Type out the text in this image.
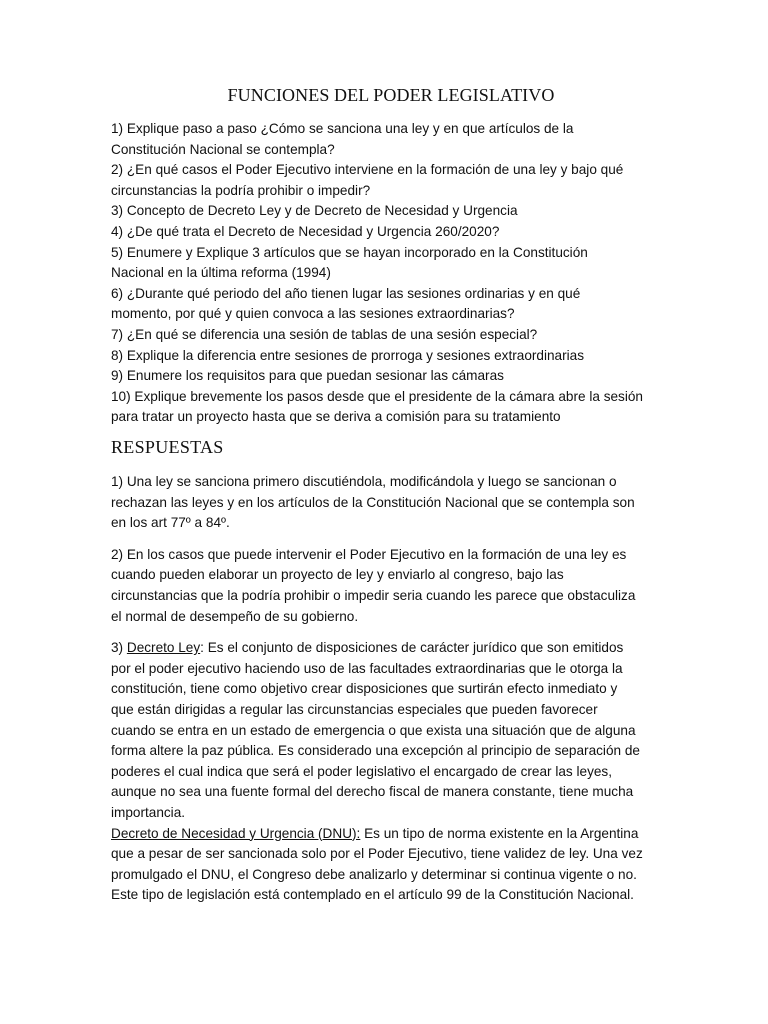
FUNCIONES DEL PODER LEGISLATIVO
1) Explique paso a paso ¿Cómo se sanciona una ley y en que artículos de la
Constitución Nacional se contempla?
2) ¿En qué casos el Poder Ejecutivo interviene en la formación de una ley y bajo qué
circunstancias la podría prohibir o impedir?
3) Concepto de Decreto Ley y de Decreto de Necesidad y Urgencia
4) ¿De qué trata el Decreto de Necesidad y Urgencia 260/2020?
5) Enumere y Explique 3 artículos que se hayan incorporado en la Constitución
Nacional en la última reforma (1994)
6) ¿Durante qué periodo del año tienen lugar las sesiones ordinarias y en qué
momento, por qué y quien convoca a las sesiones extraordinarias?
7) ¿En qué se diferencia una sesión de tablas de una sesión especial?
8) Explique la diferencia entre sesiones de prorroga y sesiones extraordinarias
9) Enumere los requisitos para que puedan sesionar las cámaras
10) Explique brevemente los pasos desde que el presidente de la cámara abre la sesión
para tratar un proyecto hasta que se deriva a comisión para su tratamiento
RESPUESTAS
1) Una ley se sanciona primero discutiéndola, modificándola y luego se sancionan o
rechazan las leyes y en los artículos de la Constitución Nacional que se contempla son
en los art 77º a 84º.
2) En los casos que puede intervenir el Poder Ejecutivo en la formación de una ley es
cuando pueden elaborar un proyecto de ley y enviarlo al congreso, bajo las
circunstancias que la podría prohibir o impedir seria cuando les parece que obstaculiza
el normal de desempeño de su gobierno.
3) Decreto Ley: Es el conjunto de disposiciones de carácter jurídico que son emitidos
por el poder ejecutivo haciendo uso de las facultades extraordinarias que le otorga la
constitución, tiene como objetivo crear disposiciones que surtirán efecto inmediato y
que están dirigidas a regular las circunstancias especiales que pueden favorecer
cuando se entra en un estado de emergencia o que exista una situación que de alguna
forma altere la paz pública. Es considerado una excepción al principio de separación de
poderes el cual indica que será el poder legislativo el encargado de crear las leyes,
aunque no sea una fuente formal del derecho fiscal de manera constante, tiene mucha
importancia.
Decreto de Necesidad y Urgencia (DNU): Es un tipo de norma existente en la Argentina
que a pesar de ser sancionada solo por el Poder Ejecutivo, tiene validez de ley. Una vez
promulgado el DNU, el Congreso debe analizarlo y determinar si continua vigente o no.
Este tipo de legislación está contemplado en el artículo 99 de la Constitución Nacional.
